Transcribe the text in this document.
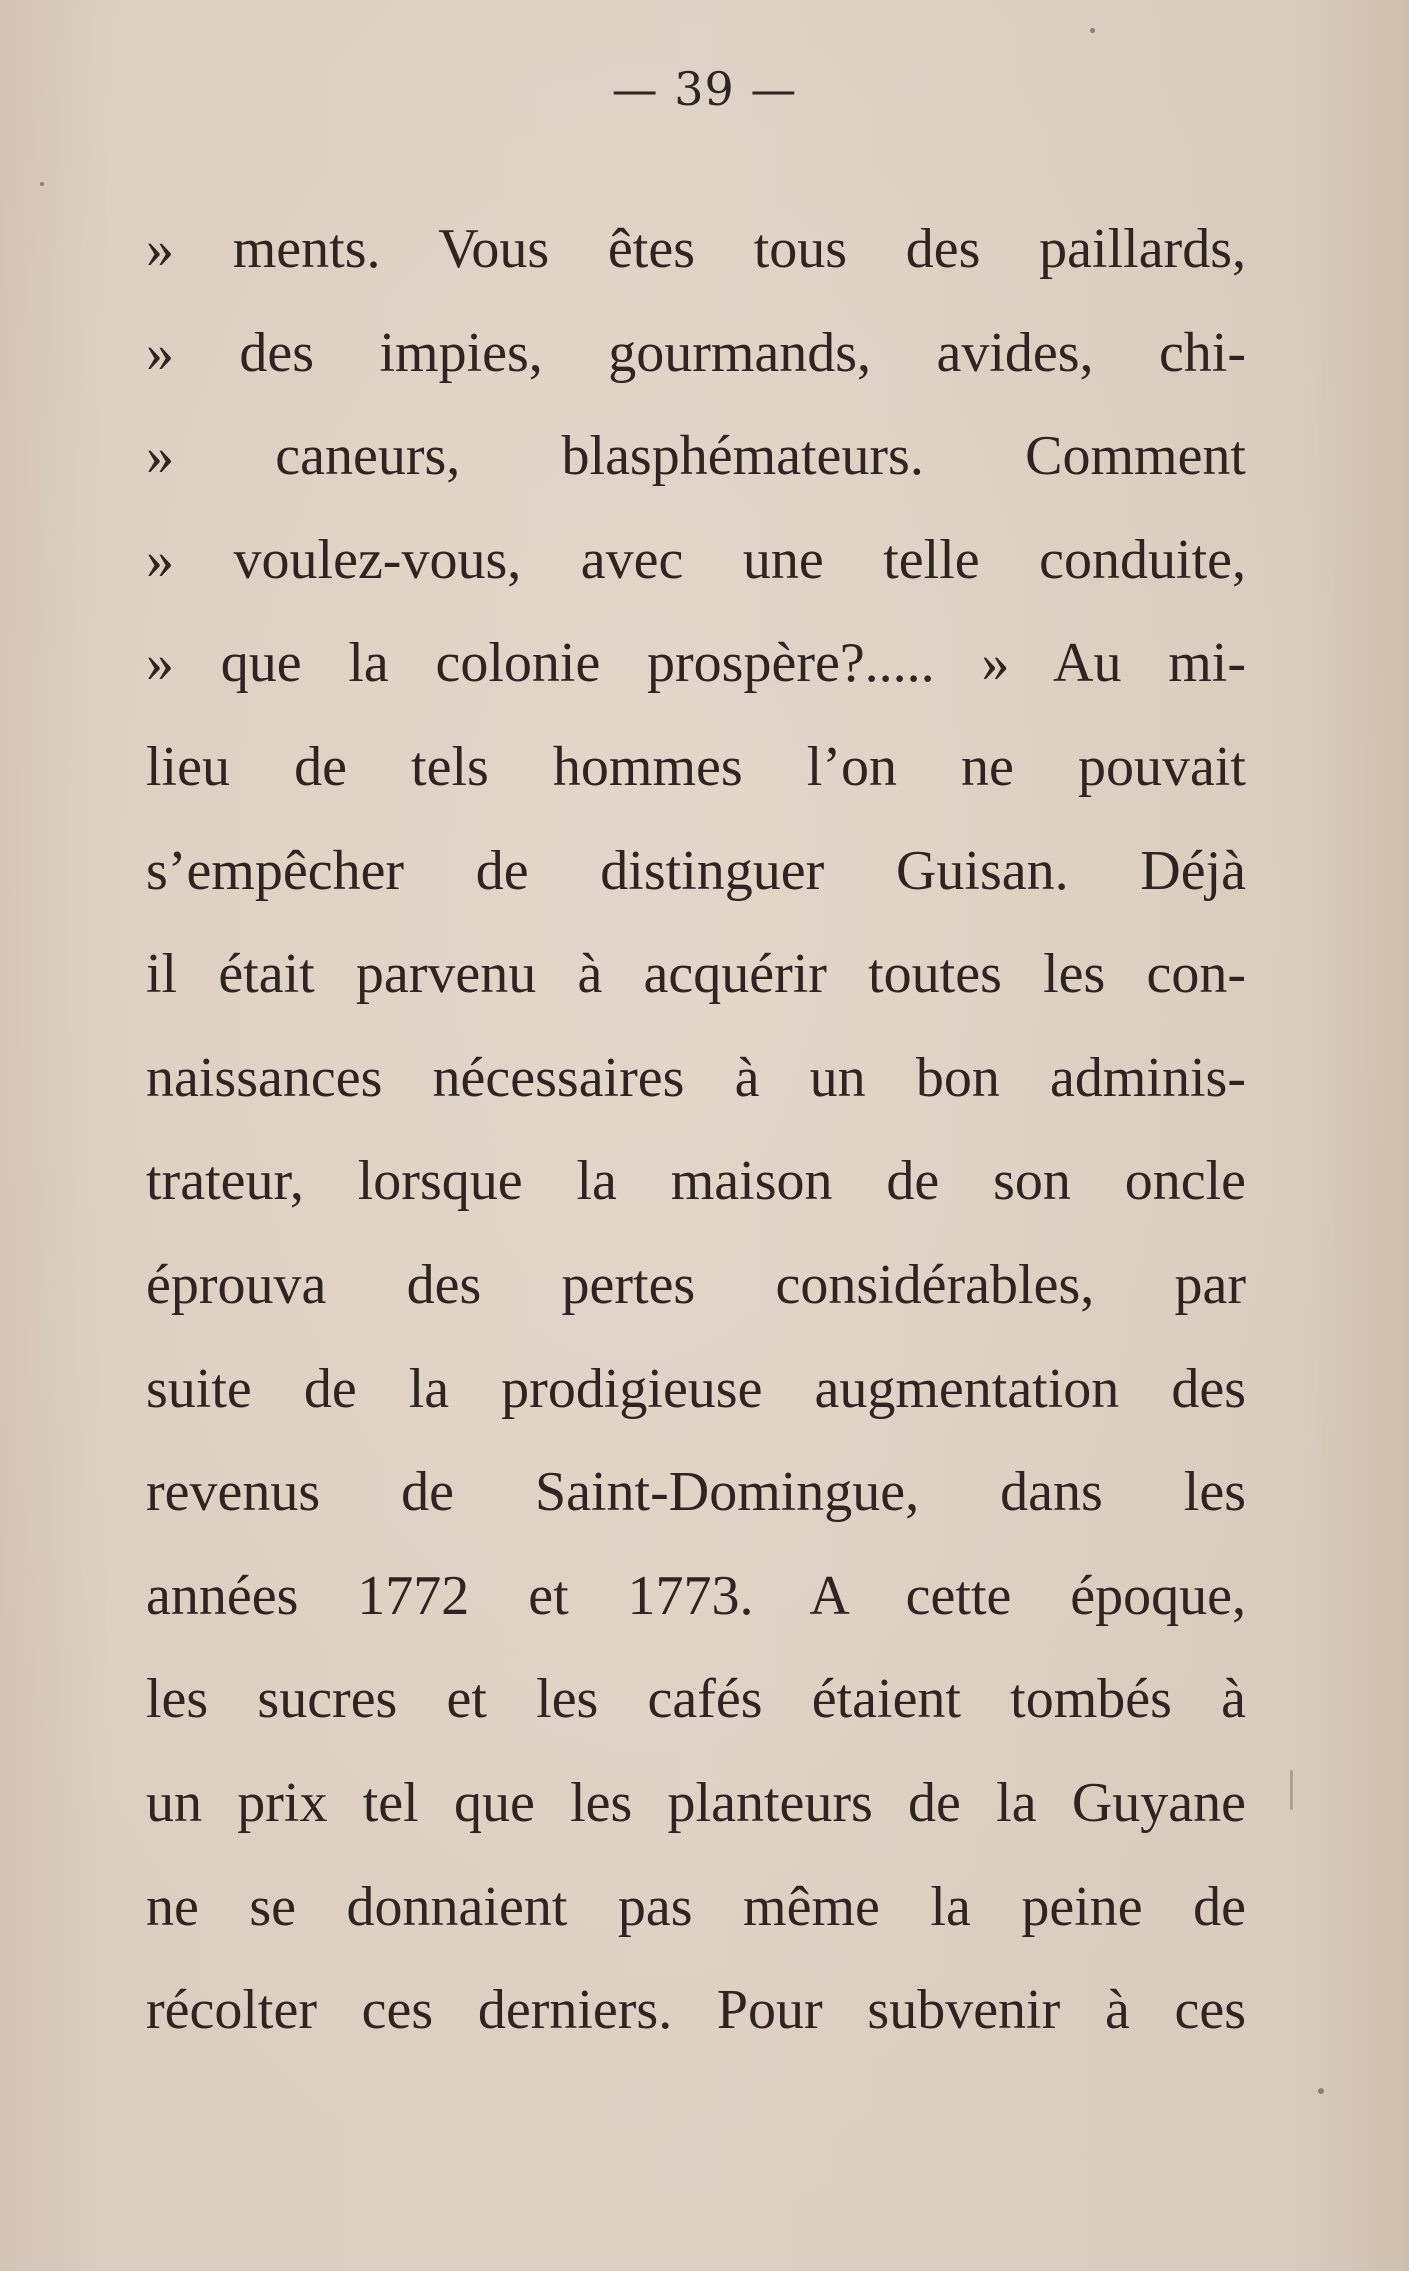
— 39 —
» ments. Vous êtes tous des paillards,
» des impies, gourmands, avides, chi-
» caneurs, blasphémateurs. Comment
» voulez-vous, avec une telle conduite,
» que la colonie prospère?..... » Au mi-
lieu de tels hommes l’on ne pouvait
s’empêcher de distinguer Guisan. Déjà
il était parvenu à acquérir toutes les con-
naissances nécessaires à un bon adminis-
trateur, lorsque la maison de son oncle
éprouva des pertes considérables, par
suite de la prodigieuse augmentation des
revenus de Saint-Domingue, dans les
années 1772 et 1773. A cette époque,
les sucres et les cafés étaient tombés à
un prix tel que les planteurs de la Guyane
ne se donnaient pas même la peine de
récolter ces derniers. Pour subvenir à ces
